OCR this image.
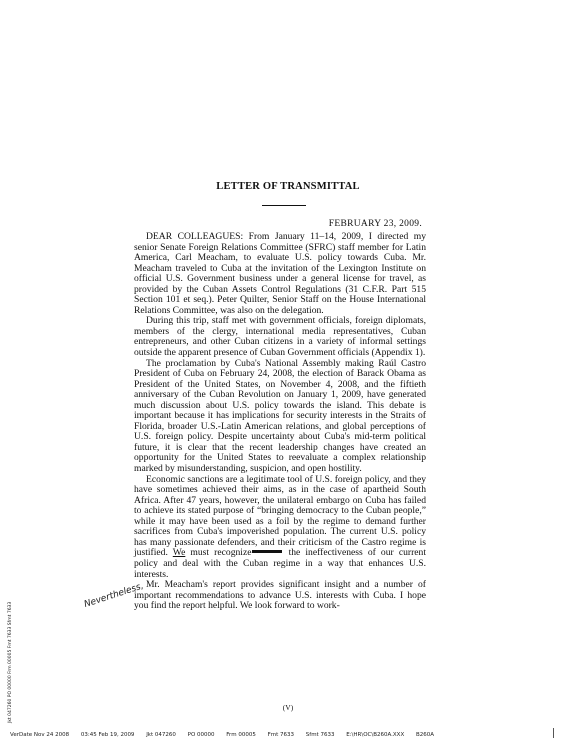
LETTER OF TRANSMITTAL
FEBRUARY 23, 2009.

DEAR COLLEAGUES: From January 11–14, 2009, I directed my senior Senate Foreign Relations Committee (SFRC) staff member for Latin America, Carl Meacham, to evaluate U.S. policy towards Cuba. Mr. Meacham traveled to Cuba at the invitation of the Lexington Institute on official U.S. Government business under a general license for travel, as provided by the Cuban Assets Control Regulations (31 C.F.R. Part 515 Section 101 et seq.). Peter Quilter, Senior Staff on the House International Relations Committee, was also on the delegation.

During this trip, staff met with government officials, foreign diplomats, members of the clergy, international media representatives, Cuban entrepreneurs, and other Cuban citizens in a variety of informal settings outside the apparent presence of Cuban Government officials (Appendix 1).

The proclamation by Cuba's National Assembly making Raúl Castro President of Cuba on February 24, 2008, the election of Barack Obama as President of the United States, on November 4, 2008, and the fiftieth anniversary of the Cuban Revolution on January 1, 2009, have generated much discussion about U.S. policy towards the island. This debate is important because it has implications for security interests in the Straits of Florida, broader U.S.-Latin American relations, and global perceptions of U.S. foreign policy. Despite uncertainty about Cuba's mid-term political future, it is clear that the recent leadership changes have created an opportunity for the United States to reevaluate a complex relationship marked by misunderstanding, suspicion, and open hostility.

Economic sanctions are a legitimate tool of U.S. foreign policy, and they have sometimes achieved their aims, as in the case of apartheid South Africa. After 47 years, however, the unilateral embargo on Cuba has failed to achieve its stated purpose of “bringing democracy to the Cuban people,” while it may have been used as a foil by the regime to demand further sacrifices from Cuba's impoverished population. The current U.S. policy has many passionate defenders, and their criticism of the Castro regime is justified. We must recognize	the ineffectiveness of our current policy and deal with the Cuban regime in a way that enhances U.S. interests.

Mr. Meacham's report provides significant insight and a number of important recommendations to advance U.S. interests with Cuba. I hope you find the report helpful. We look forward to work-

Nevertheless,
(V)
Jkt 047260 PO 00000 Frm 00005 Fmt 7633 Sfmt 7633
VerDate Nov 24 2008 03:45 Feb 19, 2009 Jkt 047260 PO 00000 Frm 00005 Fmt 7633 Sfmt 7633 E:\HR\OC\B260A.XXX B260A
